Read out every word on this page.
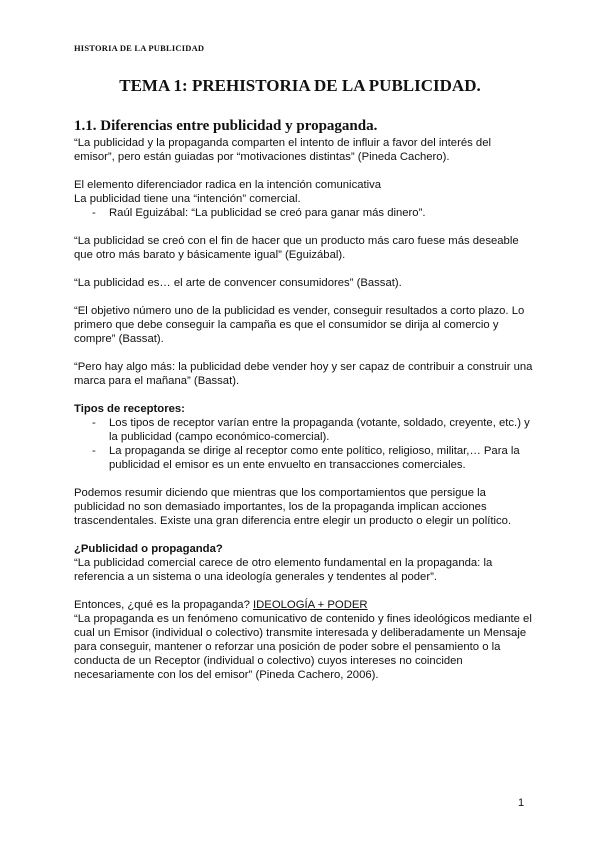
HISTORIA DE LA PUBLICIDAD
TEMA 1: PREHISTORIA DE LA PUBLICIDAD.
1.1. Diferencias entre publicidad y propaganda.

“La publicidad y la propaganda comparten el intento de influir a favor del interés del emisor”, pero están guiadas por “motivaciones distintas” (Pineda Cachero).

El elemento diferenciador radica en la intención comunicativa

La publicidad tiene una “intención” comercial.

- Raúl Eguizábal: “La publicidad se creó para ganar más dinero”.

“La publicidad se creó con el fin de hacer que un producto más caro fuese más deseable que otro más barato y básicamente igual” (Eguizábal).

“La publicidad es… el arte de convencer consumidores” (Bassat).

“El objetivo número uno de la publicidad es vender, conseguir resultados a corto plazo. Lo primero que debe conseguir la campaña es que el consumidor se dirija al comercio y compre” (Bassat).

“Pero hay algo más: la publicidad debe vender hoy y ser capaz de contribuir a construir una marca para el mañana” (Bassat).

Tipos de receptores:

- Los tipos de receptor varían entre la propaganda (votante, soldado, creyente, etc.) y la publicidad (campo económico-comercial).
- La propaganda se dirige al receptor como ente político, religioso, militar,… Para la publicidad el emisor es un ente envuelto en transacciones comerciales.

Podemos resumir diciendo que mientras que los comportamientos que persigue la publicidad no son demasiado importantes, los de la propaganda implican acciones trascendentales. Existe una gran diferencia entre elegir un producto o elegir un político.

¿Publicidad o propaganda?

“La publicidad comercial carece de otro elemento fundamental en la propaganda: la referencia a un sistema o una ideología generales y tendentes al poder”.

Entonces, ¿qué es la propaganda? IDEOLOGÍA + PODER

“La propaganda es un fenómeno comunicativo de contenido y fines ideológicos mediante el cual un Emisor (individual o colectivo) transmite interesada y deliberadamente un Mensaje para conseguir, mantener o reforzar una posición de poder sobre el pensamiento o la conducta de un Receptor (individual o colectivo) cuyos intereses no coinciden necesariamente con los del emisor” (Pineda Cachero, 2006).

1
